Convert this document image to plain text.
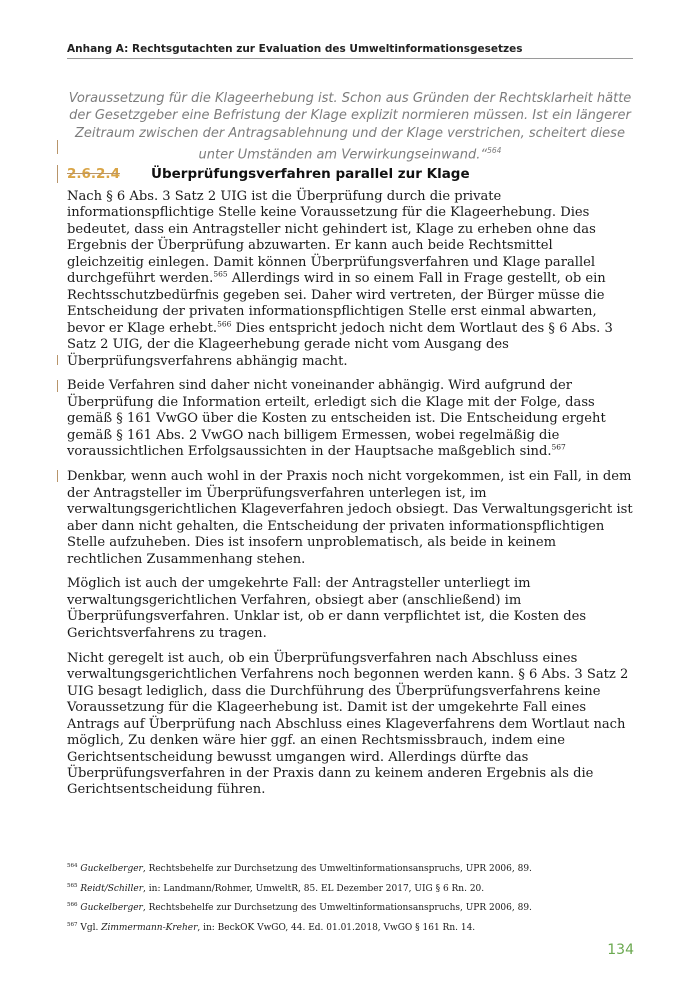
Anhang A: Rechtsgutachten zur Evaluation des Umweltinformationsgesetzes

Voraussetzung für die Klageerhebung ist. Schon aus Gründen der Rechtsklarheit hätte der Gesetzgeber eine Befristung der Klage explizit normieren müssen. Ist ein längerer Zeitraum zwischen der Antragsablehnung und der Klage verstrichen, scheitert diese unter Umständen am Verwirkungseinwand.“$^{564}$

2.6.2.4 Überprüfungsverfahren parallel zur Klage

Nach § 6 Abs. 3 Satz 2 UIG ist die Überprüfung durch die private informationspflichtige Stelle keine Voraussetzung für die Klageerhebung. Dies bedeutet, dass ein Antragsteller nicht gehindert ist, Klage zu erheben ohne das Ergebnis der Überprüfung abzuwarten. Er kann auch beide Rechtsmittel gleichzeitig einlegen. Damit können Überprüfungsverfahren und Klage parallel durchgeführt werden.$^{565}$ Allerdings wird in so einem Fall in Frage gestellt, ob ein Rechtsschutzbedürfnis gegeben sei. Daher wird vertreten, der Bürger müsse die Entscheidung der privaten informationspflichtigen Stelle erst einmal abwarten, bevor er Klage erhebt.$^{566}$ Dies entspricht jedoch nicht dem Wortlaut des § 6 Abs. 3 Satz 2 UIG, der die Klageerhebung gerade nicht vom Ausgang des Überprüfungsverfahrens abhängig macht.

Beide Verfahren sind daher nicht voneinander abhängig. Wird aufgrund der Überprüfung die Information erteilt, erledigt sich die Klage mit der Folge, dass gemäß § 161 VwGO über die Kosten zu entscheiden ist. Die Entscheidung ergeht gemäß § 161 Abs. 2 VwGO nach billigem Ermessen, wobei regelmäßig die voraussichtlichen Erfolgsaussichten in der Hauptsache maßgeblich sind.$^{567}$

Denkbar, wenn auch wohl in der Praxis noch nicht vorgekommen, ist ein Fall, in dem der Antragsteller im Überprüfungsverfahren unterlegen ist, im verwaltungsgerichtlichen Klageverfahren jedoch obsiegt. Das Verwaltungsgericht ist aber dann nicht gehalten, die Entscheidung der privaten informationspflichtigen Stelle aufzuheben. Dies ist insofern unproblematisch, als beide in keinem rechtlichen Zusammenhang stehen.

Möglich ist auch der umgekehrte Fall: der Antragsteller unterliegt im verwaltungsgerichtlichen Verfahren, obsiegt aber (anschließend) im Überprüfungsverfahren. Unklar ist, ob er dann verpflichtet ist, die Kosten des Gerichtsverfahrens zu tragen.

Nicht geregelt ist auch, ob ein Überprüfungsverfahren nach Abschluss eines verwaltungsgerichtlichen Verfahrens noch begonnen werden kann. § 6 Abs. 3 Satz 2 UIG besagt lediglich, dass die Durchführung des Überprüfungsverfahrens keine Voraussetzung für die Klageerhebung ist. Damit ist der umgekehrte Fall eines Antrags auf Überprüfung nach Abschluss eines Klageverfahrens dem Wortlaut nach möglich, Zu denken wäre hier ggf. an einen Rechtsmissbrauch, indem eine Gerichtsentscheidung bewusst umgangen wird. Allerdings dürfte das Überprüfungsverfahren in der Praxis dann zu keinem anderen Ergebnis als die Gerichtsentscheidung führen.

$^{564}$ Guckelberger, Rechtsbehelfe zur Durchsetzung des Umweltinformationsanspruchs, UPR 2006, 89.
$^{565}$ Reidt/Schiller, in: Landmann/Rohmer, UmweltR, 85. EL Dezember 2017, UIG § 6 Rn. 20.
$^{566}$ Guckelberger, Rechtsbehelfe zur Durchsetzung des Umweltinformationsanspruchs, UPR 2006, 89.
$^{567}$ Vgl. Zimmermann-Kreher, in: BeckOK VwGO, 44. Ed. 01.01.2018, VwGO § 161 Rn. 14.
134
